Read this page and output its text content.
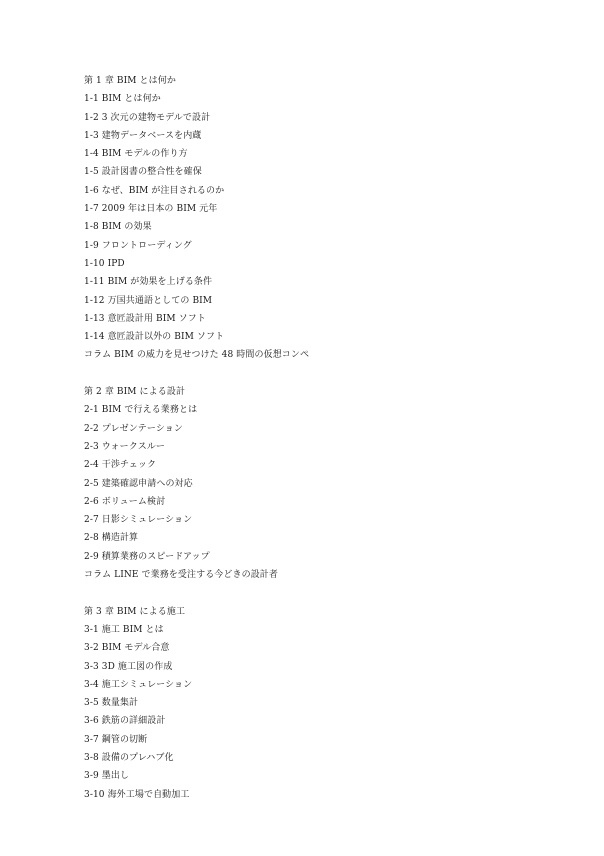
第 1 章 BIM とは何か
1-1 BIM とは何か
1-2 3 次元の建物モデルで設計
1-3 建物データベースを内蔵
1-4 BIM モデルの作り方
1-5 設計図書の整合性を確保
1-6 なぜ、BIM が注目されるのか
1-7 2009 年は日本の BIM 元年
1-8 BIM の効果
1-9 フロントローディング
1-10 IPD
1-11 BIM が効果を上げる条件
1-12 万国共通語としての BIM
1-13 意匠設計用 BIM ソフト
1-14 意匠設計以外の BIM ソフト
コラム BIM の威力を見せつけた 48 時間の仮想コンペ
第 2 章 BIM による設計
2-1 BIM で行える業務とは
2-2 プレゼンテーション
2-3 ウォークスルー
2-4 干渉チェック
2-5 建築確認申請への対応
2-6 ボリューム検討
2-7 日影シミュレーション
2-8 構造計算
2-9 積算業務のスピードアップ
コラム LINE で業務を受注する今どきの設計者
第 3 章 BIM による施工
3-1 施工 BIM とは
3-2 BIM モデル合意
3-3 3D 施工図の作成
3-4 施工シミュレーション
3-5 数量集計
3-6 鉄筋の詳細設計
3-7 鋼管の切断
3-8 設備のプレハブ化
3-9 墨出し
3-10 海外工場で自動加工
